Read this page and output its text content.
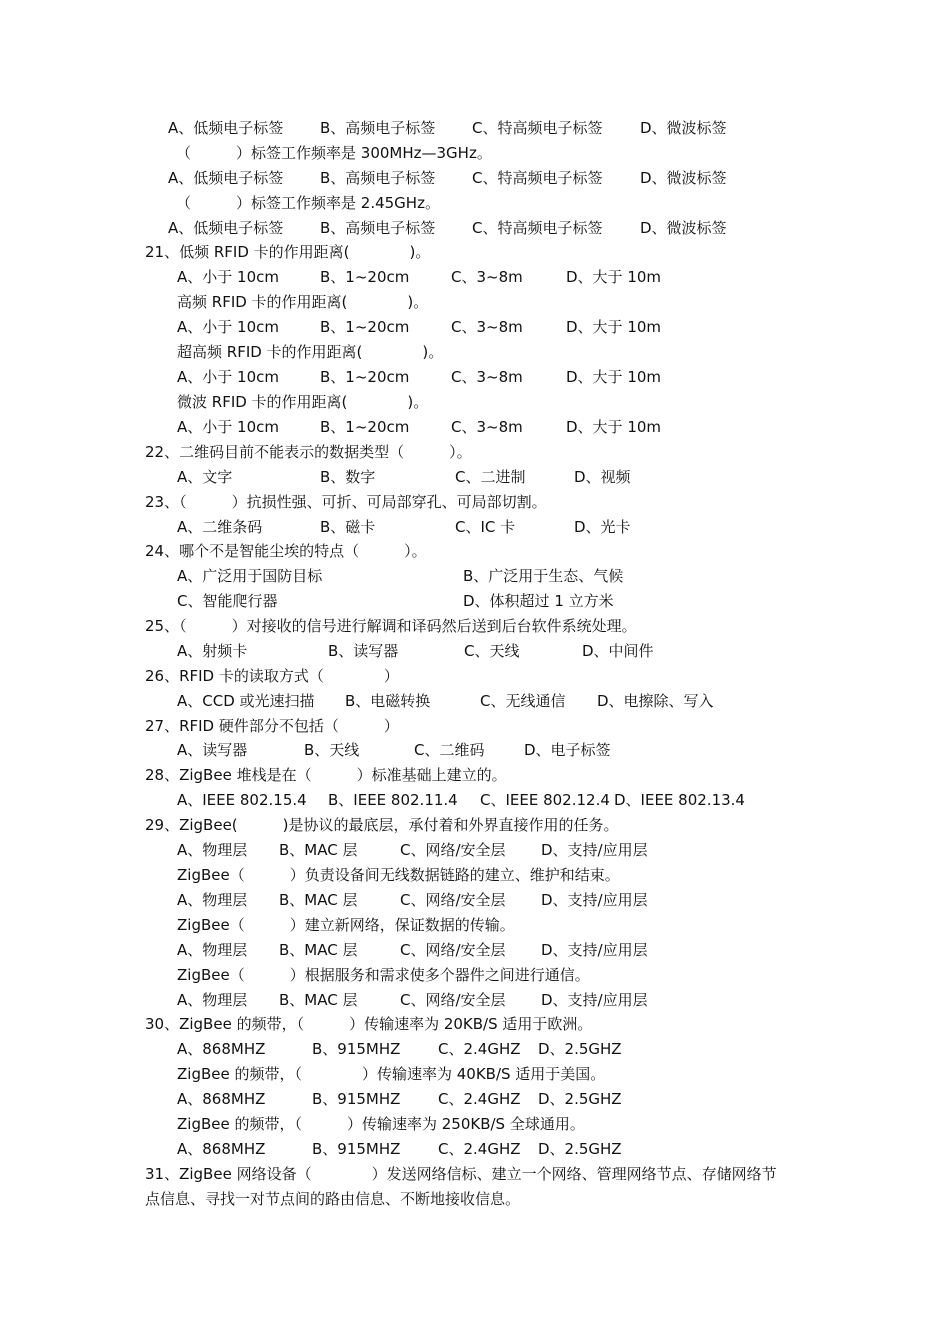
A、低频电子标签 B、高频电子标签 C、特高频电子标签	D、微波标签
（　　　）标签工作频率是 300MHz—3GHz。
A、低频电子标签 B、高频电子标签 C、特高频电子标签	D、微波标签
（　　　）标签工作频率是 2.45GHz。
A、低频电子标签 B、高频电子标签 C、特高频电子标签	D、微波标签
21、低频 RFID 卡的作用距离(　　　　)。
A、小于 10cm	B、1~20cm	C、3~8m	D、大于 10m
高频 RFID 卡的作用距离(　　　　)。
A、小于 10cm	B、1~20cm	C、3~8m	D、大于 10m
超高频 RFID 卡的作用距离(　　　　)。
A、小于 10cm	B、1~20cm	C、3~8m	D、大于 10m
微波 RFID 卡的作用距离(　　　　)。
A、小于 10cm	B、1~20cm	C、3~8m	D、大于 10m
22、二维码目前不能表示的数据类型（　　　）。
A、文字	B、数字	C、二进制	D、视频
23、（　　　）抗损性强、可折、可局部穿孔、可局部切割。
A、二维条码	B、磁卡	C、IC 卡	D、光卡
24、哪个不是智能尘埃的特点（　　　）。
A、广泛用于国防目标	B、广泛用于生态、气候
C、智能爬行器	D、体积超过 1 立方米
25、（　　　）对接收的信号进行解调和译码然后送到后台软件系统处理。
A、射频卡	B、读写器	C、天线	D、中间件
26、RFID 卡的读取方式（　　　　）
A、CCD 或光速扫描 B、电磁转换	C、无线通信 D、电擦除、写入
27、RFID 硬件部分不包括（　　　）
A、读写器	B、天线	C、二维码	D、电子标签
28、ZigBee 堆栈是在（　　　）标准基础上建立的。
A、IEEE 802.15.4 B、IEEE 802.11.4 C、IEEE 802.12.4 D、IEEE 802.13.4
29、ZigBee(　　　)是协议的最底层，承付着和外界直接作用的任务。
A、物理层 B、MAC 层	C、网络/安全层 D、支持/应用层
ZigBee（　　　）负责设备间无线数据链路的建立、维护和结束。
A、物理层 B、MAC 层	C、网络/安全层 D、支持/应用层
ZigBee（　　　）建立新网络，保证数据的传输。
A、物理层 B、MAC 层	C、网络/安全层 D、支持/应用层
ZigBee（　　　）根据服务和需求使多个器件之间进行通信。
A、物理层 B、MAC 层	C、网络/安全层 D、支持/应用层
30、ZigBee 的频带，（　　　）传输速率为 20KB/S 适用于欧洲。
A、868MHZ	B、915MHZ	C、2.4GHZ D、2.5GHZ
ZigBee 的频带，（　　　　）传输速率为 40KB/S 适用于美国。
A、868MHZ	B、915MHZ	C、2.4GHZ D、2.5GHZ
ZigBee 的频带，（　　　）传输速率为 250KB/S 全球通用。
A、868MHZ	B、915MHZ	C、2.4GHZ D、2.5GHZ
31、ZigBee 网络设备（　　　　）发送网络信标、建立一个网络、管理网络节点、存储网络节
点信息、寻找一对节点间的路由信息、不断地接收信息。
